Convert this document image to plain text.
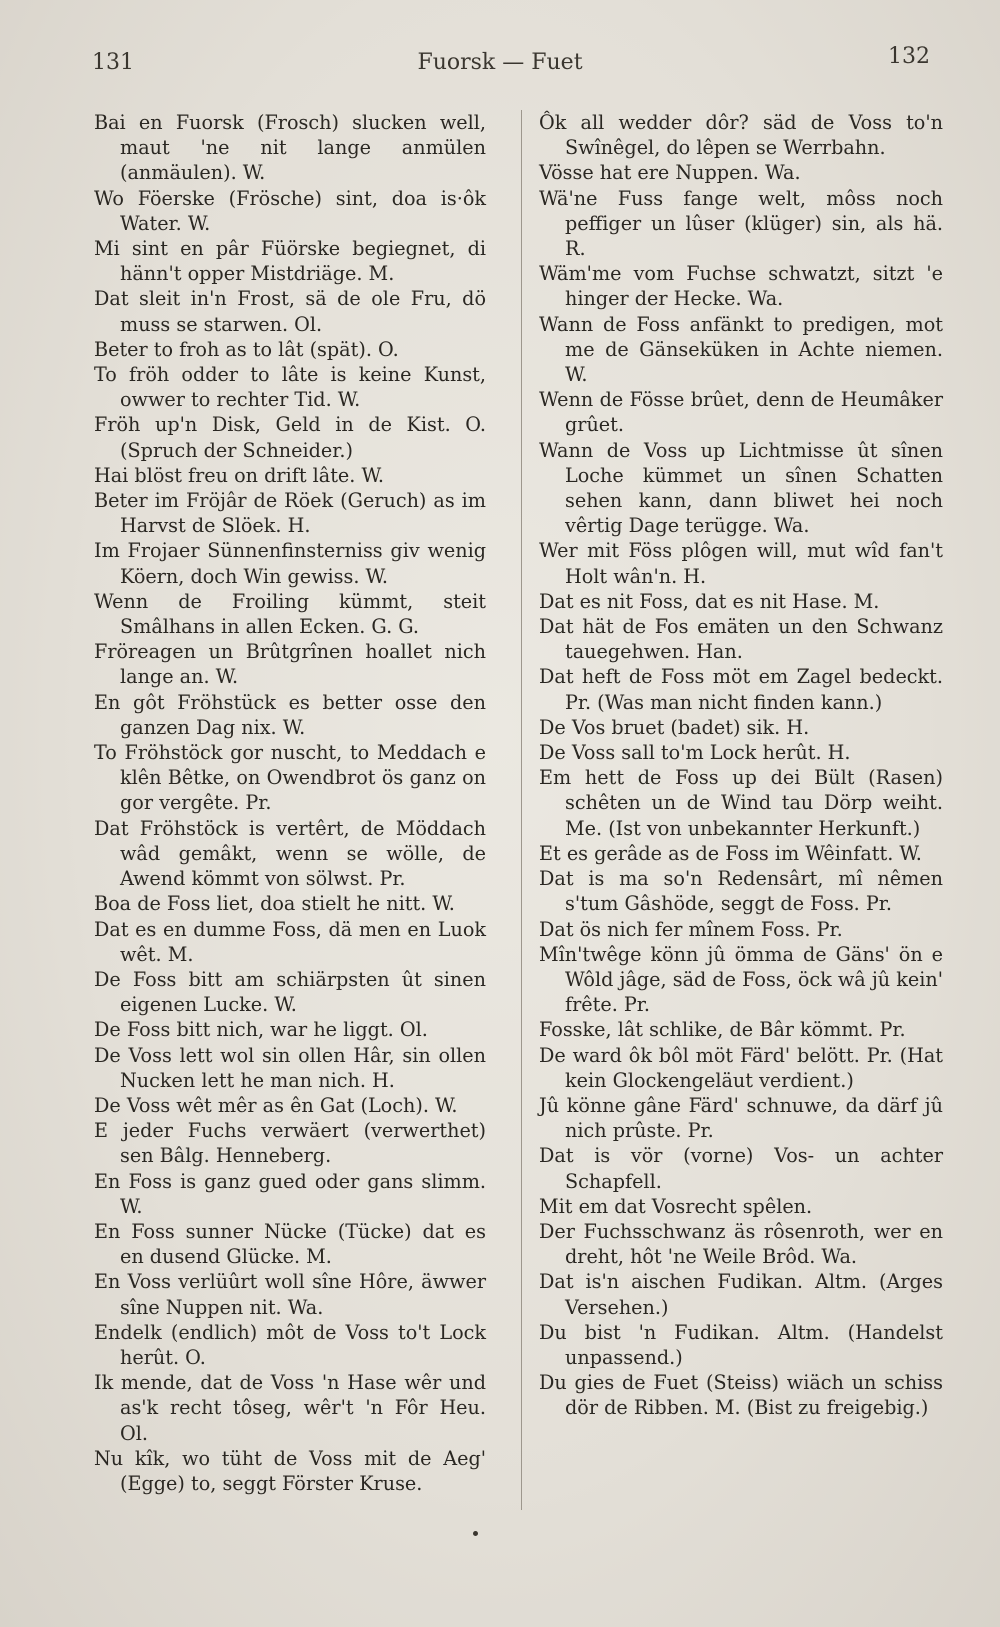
131	Fuorsk — Fuet	132

Bai en Fuorsk (Frosch) slucken well, maut 'ne nit lange anmülen (anmäulen). W.

Wo Föerske (Frösche) sint, doa is·ôk Water. W.

Mi sint en pâr Füörske begiegnet, di hänn't opper Mistdriäge. M.

Dat sleit in'n Frost, sä de ole Fru, dö muss se starwen. Ol.

Beter to froh as to lât (spät). O.

To fröh odder to lâte is keine Kunst, owwer to rechter Tid. W.

Fröh up'n Disk, Geld in de Kist. O. (Spruch der Schneider.)

Hai blöst freu on drift lâte. W.

Beter im Fröjâr de Röek (Geruch) as im Harvst de Slöek. H.

Im Frojaer Sünnenfinsterniss giv wenig Köern, doch Win gewiss. W.

Wenn de Froiling kümmt, steit Smâlhans in allen Ecken. G. G.

Fröreagen un Brûtgrînen hoallet nich lange an. W.

En gôt Fröhstück es better osse den ganzen Dag nix. W.

To Fröhstöck gor nuscht, to Meddach e klên Bêtke, on Owendbrot ös ganz on gor vergête. Pr.

Dat Fröhstöck is vertêrt, de Möddach wâd gemâkt, wenn se wölle, de Awend kömmt von sölwst. Pr.

Boa de Foss liet, doa stielt he nitt. W.

Dat es en dumme Foss, dä men en Luok wêt. M.

De Foss bitt am schiärpsten ût sinen eigenen Lucke. W.

De Foss bitt nich, war he liggt. Ol.

De Voss lett wol sin ollen Hâr, sin ollen Nucken lett he man nich. H.

De Voss wêt mêr as ên Gat (Loch). W.

E jeder Fuchs verwäert (verwerthet) sen Bâlg. Henneberg.

En Foss is ganz gued oder gans slimm. W.

En Foss sunner Nücke (Tücke) dat es en dusend Glücke. M.

En Voss verlüûrt woll sîne Hôre, äwwer sîne Nuppen nit. Wa.

Endelk (endlich) môt de Voss to't Lock herût. O.

Ik mende, dat de Voss 'n Hase wêr und as'k recht tôseg, wêr't 'n Fôr Heu. Ol.

Nu kîk, wo tüht de Voss mit de Aeg' (Egge) to, seggt Förster Kruse.

Ôk all wedder dôr? säd de Voss to'n Swînêgel, do lêpen se Werrbahn.

Vösse hat ere Nuppen. Wa.

Wä'ne Fuss fange welt, môss noch peffiger un lûser (klüger) sin, als hä. R.

Wäm'me vom Fuchse schwatzt, sitzt 'e hinger der Hecke. Wa.

Wann de Foss anfänkt to predigen, mot me de Gänseküken in Achte niemen. W.

Wenn de Fösse brûet, denn de Heumâker grûet.

Wann de Voss up Lichtmisse ût sînen Loche kümmet un sînen Schatten sehen kann, dann bliwet hei noch vêrtig Dage terügge. Wa.

Wer mit Föss plôgen will, mut wîd fan't Holt wân'n. H.

Dat es nit Foss, dat es nit Hase. M.

Dat hät de Fos emäten un den Schwanz tauegehwen. Han.

Dat heft de Foss möt em Zagel bedeckt. Pr. (Was man nicht finden kann.)

De Vos bruet (badet) sik. H.

De Voss sall to'm Lock herût. H.

Em hett de Foss up dei Bült (Rasen) schêten un de Wind tau Dörp weiht. Me. (Ist von unbekannter Herkunft.)

Et es gerâde as de Foss im Wêinfatt. W.

Dat is ma so'n Redensârt, mî nêmen s'tum Gâshöde, seggt de Foss. Pr.

Dat ös nich fer mînem Foss. Pr.

Mîn'twêge könn jû ömma de Gäns' ön e Wôld jâge, säd de Foss, öck wâ jû kein' frête. Pr.

Fosske, lât schlike, de Bâr kömmt. Pr.

De ward ôk bôl möt Färd' belött. Pr. (Hat kein Glockengeläut verdient.)

Jû könne gâne Färd' schnuwe, da därf jû nich prûste. Pr.

Dat is vör (vorne) Vos- un achter Schapfell.

Mit em dat Vosrecht spêlen.

Der Fuchsschwanz äs rôsenroth, wer en dreht, hôt 'ne Weile Brôd. Wa.

Dat is'n aischen Fudikan. Altm. (Arges Versehen.)

Du bist 'n Fudikan. Altm. (Handelst unpassend.)

Du gies de Fuet (Steiss) wiäch un schiss dör de Ribben. M. (Bist zu freigebig.)
